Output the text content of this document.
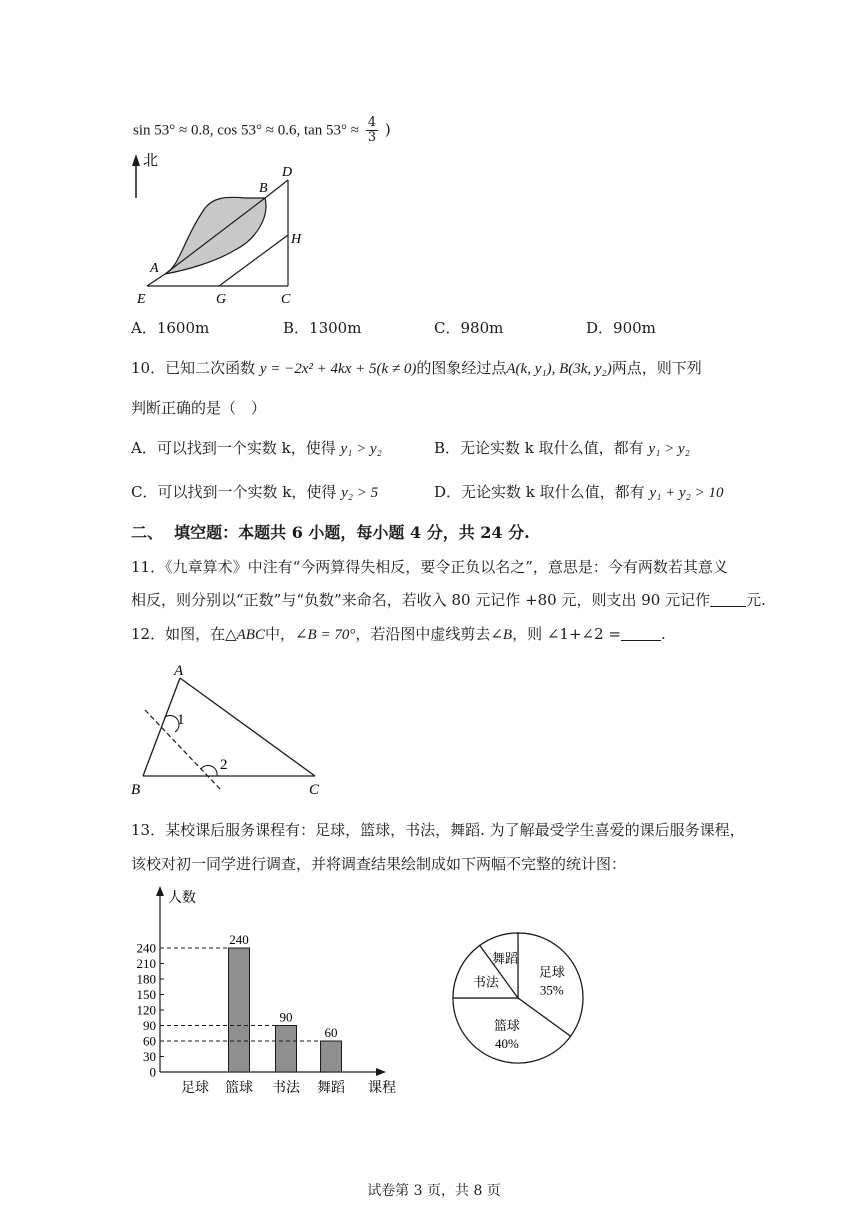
sin 53° ≈ 0.8, cos 53° ≈ 0.6, $\tan 53^\circ \approx \frac{4}{3}$ )
北
A
B
D
H
E	G	C
A．1600m	B．1300m	C．980m	D．900m
10．已知二次函数 y = −2x² + 4kx + 5(k ≠ 0)的图象经过点A(k, y₁), B(3k, y₂)两点，则下列
判断正确的是（　）
A．可以找到一个实数 k，使得 y₁ > y₂	B．无论实数 k 取什么值，都有 y₁ > y₂
C．可以找到一个实数 k，使得 y₂ > 5	D．无论实数 k 取什么值，都有 y₁ + y₂ > 10
二、 填空题：本题共 6 小题，每小题 4 分，共 24 分.
11．《九章算术》中注有“今两算得失相反，要令正负以名之”，意思是：今有两数若其意义
相反，则分别以“正数”与“负数”来命名，若收入 80 元记作 +80 元，则支出 90 元记作 元.
12．如图，在△ABC中，∠B = 70°，若沿图中虚线剪去∠B，则 ∠1+∠2 =	.
A
B	C
1
2
13．某校课后服务课程有：足球，篮球，书法，舞蹈. 为了解最受学生喜爱的课后服务课程，
该校对初一同学进行调查，并将调查结果绘制成如下两幅不完整的统计图：
人数
课程
0
30
60
90
120
150
180
210
240
足球 篮球
240
书法
90
舞蹈
60
足球
35%
篮球
40%
书法
舞蹈
试卷第 3 页，共 8 页
